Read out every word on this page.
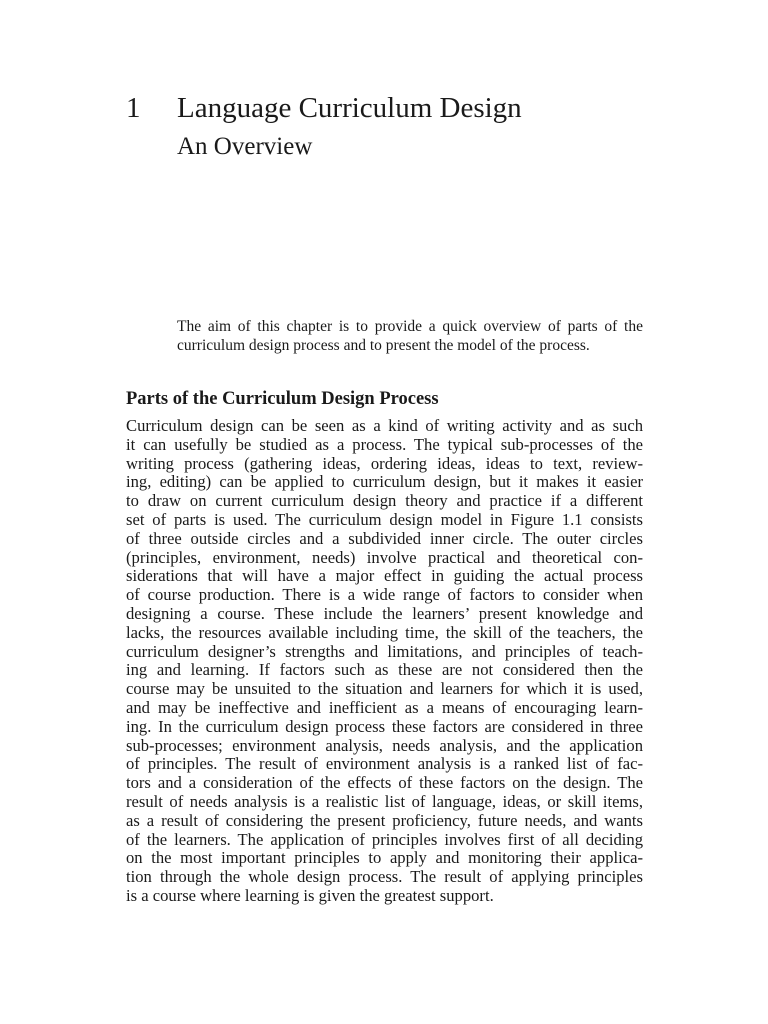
1 Language Curriculum Design
An Overview

The aim of this chapter is to provide a quick overview of parts of the curriculum design process and to present the model of the process.

Parts of the Curriculum Design Process
Curriculum design can be seen as a kind of writing activity and as such
it can usefully be studied as a process. The typical sub-processes of the
writing process (gathering ideas, ordering ideas, ideas to text, review-
ing, editing) can be applied to curriculum design, but it makes it easier
to draw on current curriculum design theory and practice if a different
set of parts is used. The curriculum design model in Figure 1.1 consists
of three outside circles and a subdivided inner circle. The outer circles
(principles, environment, needs) involve practical and theoretical con-
siderations that will have a major effect in guiding the actual process
of course production. There is a wide range of factors to consider when
designing a course. These include the learners’ present knowledge and
lacks, the resources available including time, the skill of the teachers, the
curriculum designer’s strengths and limitations, and principles of teach-
ing and learning. If factors such as these are not considered then the
course may be unsuited to the situation and learners for which it is used,
and may be ineffective and inefficient as a means of encouraging learn-
ing. In the curriculum design process these factors are considered in three
sub-processes; environment analysis, needs analysis, and the application
of principles. The result of environment analysis is a ranked list of fac-
tors and a consideration of the effects of these factors on the design. The
result of needs analysis is a realistic list of language, ideas, or skill items,
as a result of considering the present proficiency, future needs, and wants
of the learners. The application of principles involves first of all deciding
on the most important principles to apply and monitoring their applica-
tion through the whole design process. The result of applying principles
is a course where learning is given the greatest support.
